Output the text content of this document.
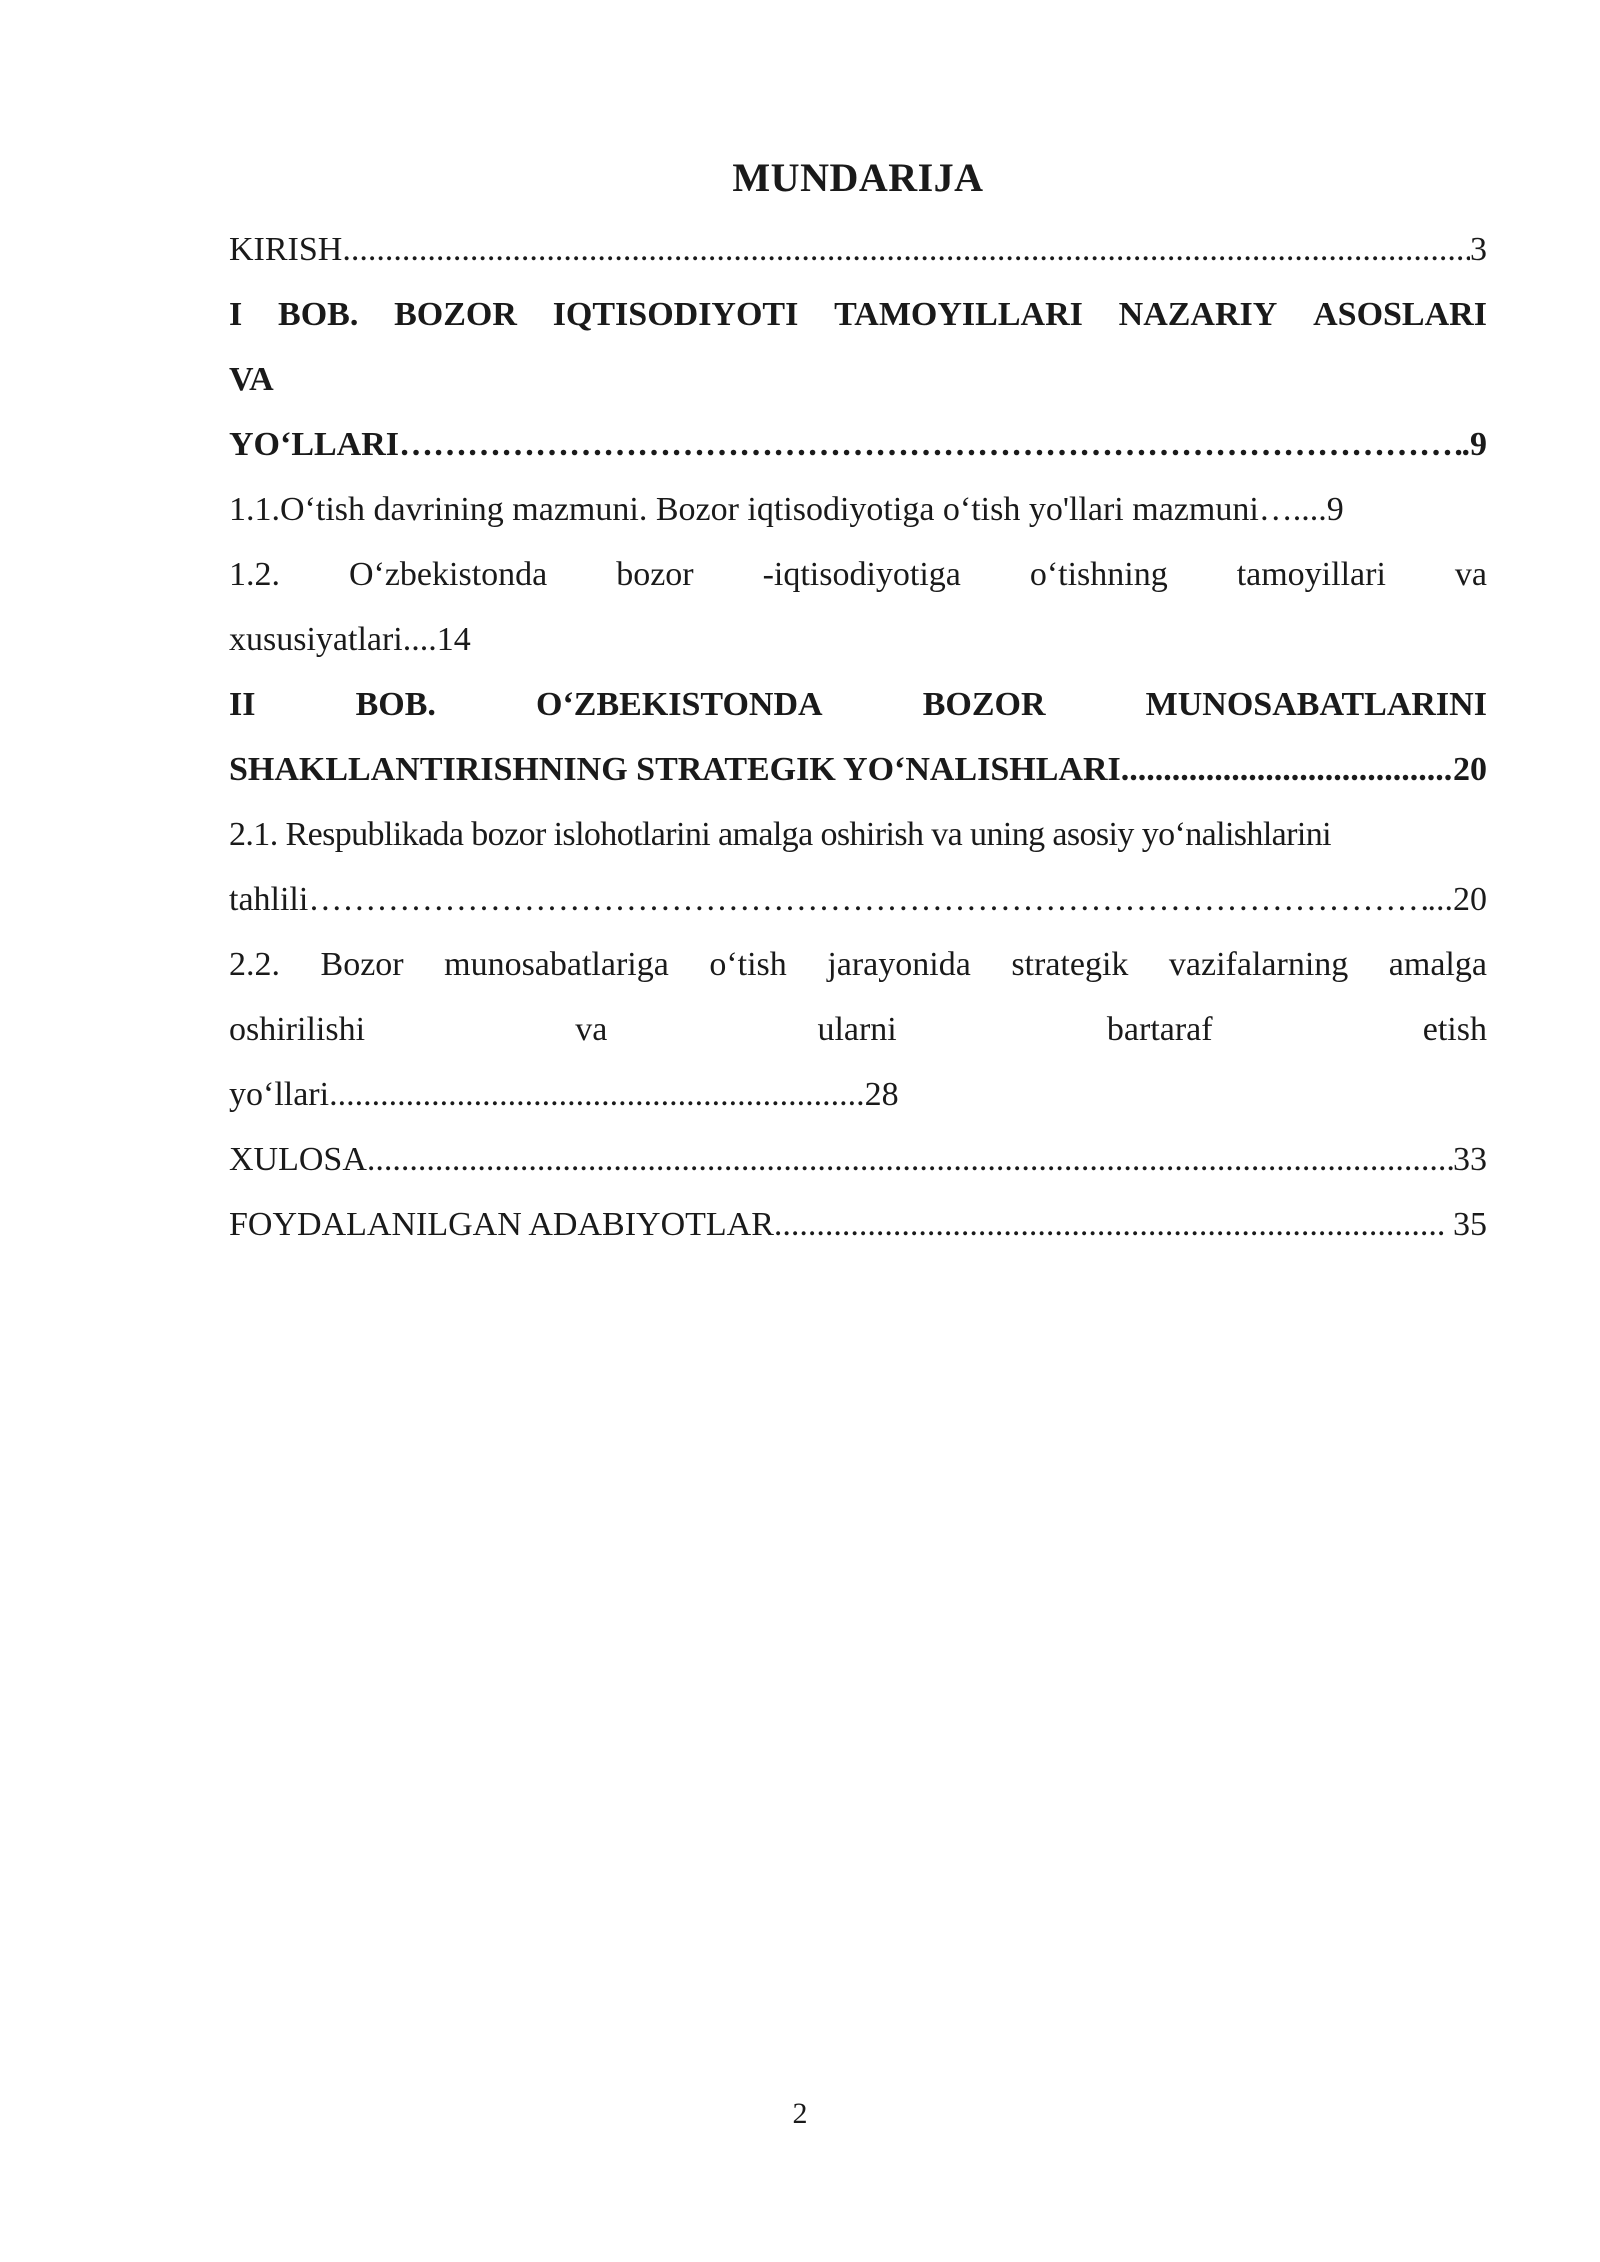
MUNDARIJA
KIRISH .....	3
I BOB. BOZOR IQTISODIYOTI TAMOYILLARI NAZARIY ASOSLARI
VA
YO‘LLARI ……………………………………………………………………………………………………………………………………………………………………………………	.9
1.1.O‘tish davrining mazmuni. Bozor iqtisodiyotiga o‘tish yo'llari mazmuni … ....9
1.2. O‘zbekistonda bozor -iqtisodiyotiga o‘tishning tamoyillari va
xususiyatlari....14
II	BOB.	O‘ZBEKISTONDA	BOZOR	MUNOSABATLARINI
SHAKLLANTIRISHNING STRATEGIK YO‘NALISHLARI .....	20
2.1. Respublikada bozor islohotlarini amalga oshirish va uning asosiy yo‘nalishlarini
tahlili ……………………………………………………………………………………………………………………………………………………………………………………	...20
2.2. Bozor munosabatlariga o‘tish jarayonida strategik vazifalarning amalga
oshirilishi	va	ularni	bartaraf	etish
yo‘llari...............................................................28
XULOSA .....	33
FOYDALANILGAN ADABIYOTLAR .....	35
2
